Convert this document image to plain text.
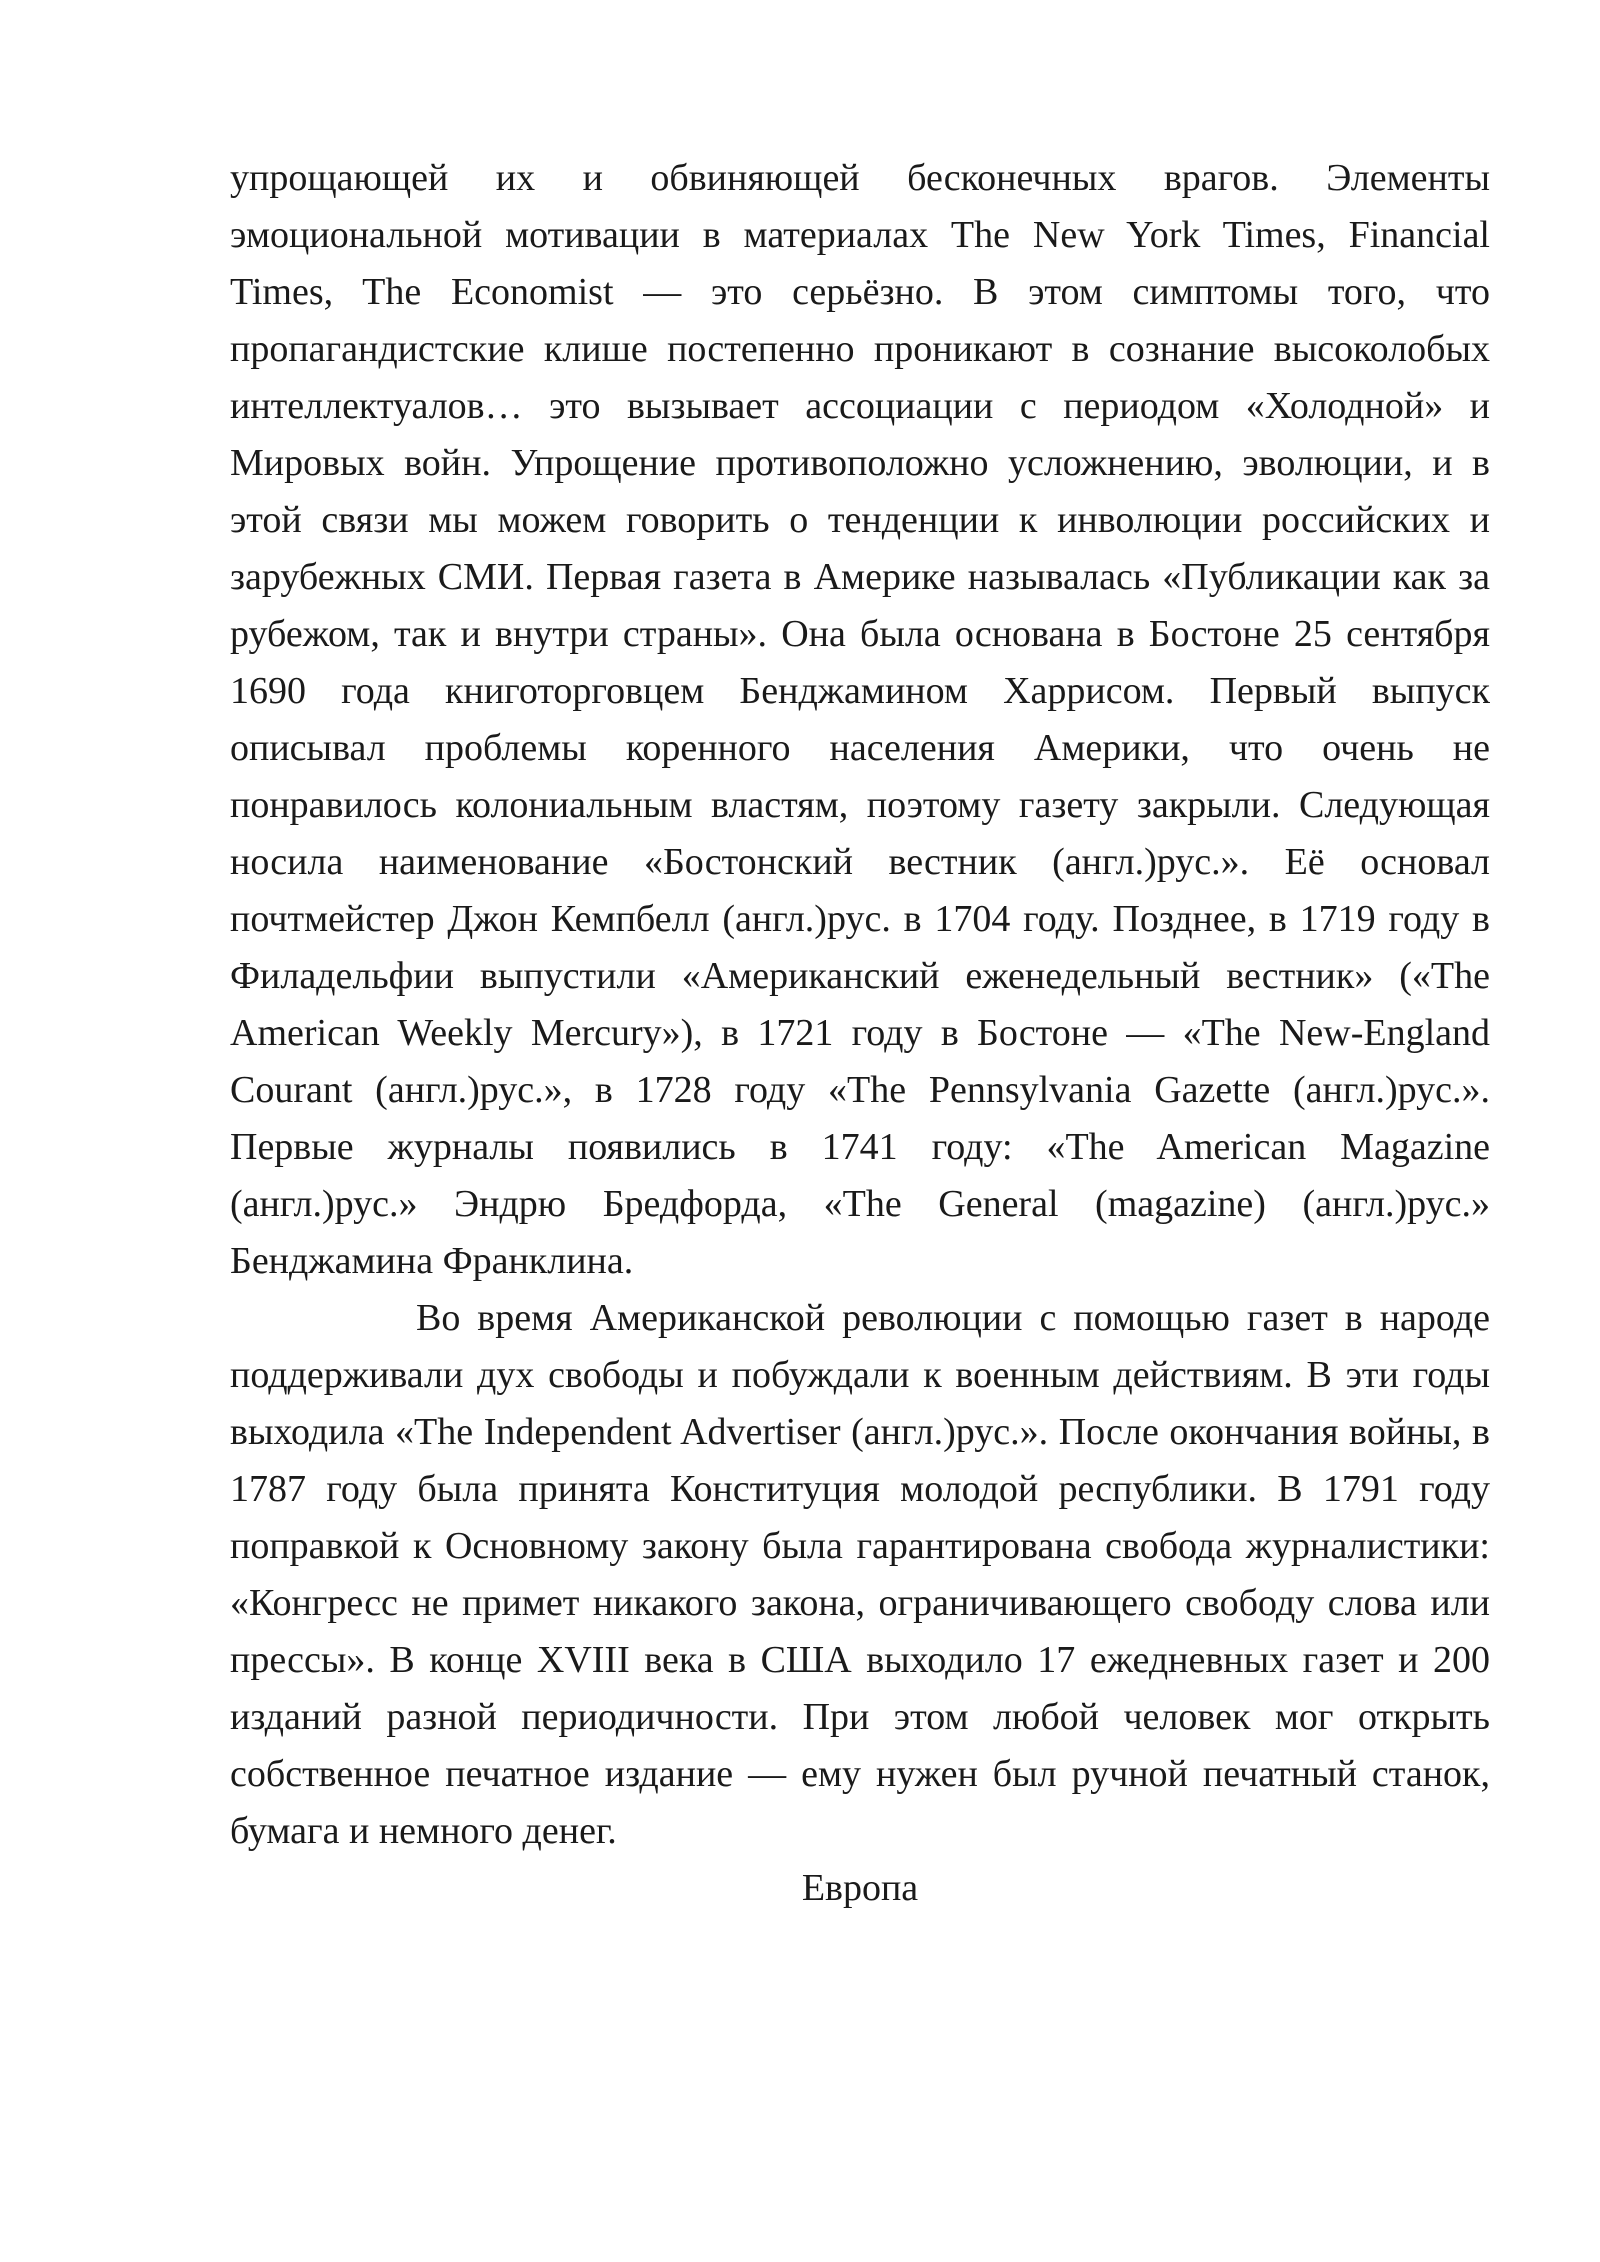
упрощающей их и обвиняющей бесконечных врагов. Элементы эмоциональной мотивации в материалах The New York Times, Financial Times, The Economist — это серьёзно. В этом симптомы того, что пропагандистские клише постепенно проникают в сознание высоколобых интеллектуалов… это вызывает ассоциации с периодом «Холодной» и Мировых войн. Упрощение противоположно усложнению, эволюции, и в этой связи мы можем говорить о тенденции к инволюции российских и зарубежных СМИ. Первая газета в Америке называлась «Публикации как за рубежом, так и внутри страны». Она была основана в Бостоне 25 сентября 1690 года книготорговцем Бенджамином Харрисом. Первый выпуск описывал проблемы коренного населения Америки, что очень не понравилось колониальным властям, поэтому газету закрыли. Следующая носила наименование «Бостонский вестник (англ.)рус.». Её основал почтмейстер Джон Кемпбелл (англ.)рус. в 1704 году. Позднее, в 1719 году в Филадельфии выпустили «Американский еженедельный вестник» («The American Weekly Mercury»), в 1721 году в Бостоне — «The New-England Courant (англ.)рус.», в 1728 году «The Pennsylvania Gazette (англ.)рус.». Первые журналы появились в 1741 году: «The American Magazine (англ.)рус.» Эндрю Бредфорда, «The General (magazine) (англ.)рус.» Бенджамина Франклина.

Во время Американской революции с помощью газет в народе поддерживали дух свободы и побуждали к военным действиям. В эти годы выходила «The Independent Advertiser (англ.)рус.». После окончания войны, в 1787 году была принята Конституция молодой республики. В 1791 году поправкой к Основному закону была гарантирована свобода журналистики: «Конгресс не примет никакого закона, ограничивающего свободу слова или прессы». В конце XVIII века в США выходило 17 ежедневных газет и 200 изданий разной периодичности. При этом любой человек мог открыть собственное печатное издание — ему нужен был ручной печатный станок, бумага и немного денег.

Европа
